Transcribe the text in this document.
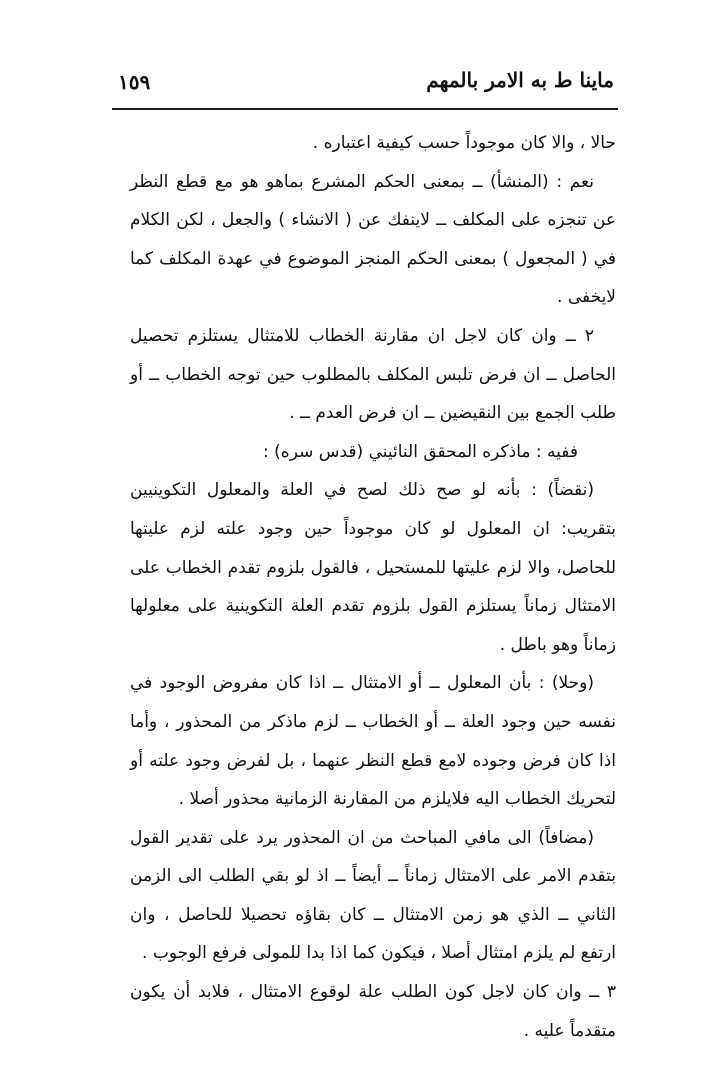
ماينا ط به الامر بالمهم
١٥٩

حالا ، والا كان موجوداً حسب كيفية اعتباره .

نعم : (المنشأ) ــ بمعنى الحكم المشرع بماهو هو مع قطع النظر عن تنجزه على المكلف ــ لاينفك عن ( الانشاء ) والجعل ، لكن الكلام في ( المجعول ) بمعنى الحكم المنجز الموضوع في عهدة المكلف كما لايخفى .

٢ ــ وان كان لاجل ان مقارنة الخطاب للامتثال يستلزم تحصيل الحاصل ــ ان فرض تلبس المكلف بالمطلوب حين توجه الخطاب ــ أو طلب الجمع بين النقيضين ــ ان فرض العدم ــ .

ففيه : ماذكره المحقق النائيني (قدس سره) :

(نقضاً) : بأنه لو صح ذلك لصح في العلة والمعلول التكوينيين بتقريب: ان المعلول لو كان موجوداً حين وجود علته لزم عليتها للحاصل، والا لزم عليتها للمستحيل ، فالقول بلزوم تقدم الخطاب على الامتثال زماناً يستلزم القول بلزوم تقدم العلة التكوينية على معلولها زماناً وهو باطل .

(وحلا) : بأن المعلول ــ أو الامتثال ــ اذا كان مفروض الوجود في نفسه حين وجود العلة ــ أو الخطاب ــ لزم ماذكر من المحذور ، وأما اذا كان فرض وجوده لامع قطع النظر عنهما ، بل لفرض وجود علته أو لتحريك الخطاب اليه فلايلزم من المقارنة الزمانية محذور أصلا .

(مضافاً) الى مافي المباحث من ان المحذور يرد على تقدير القول بتقدم الامر على الامتثال زماناً ــ أيضاً ــ اذ لو بقي الطلب الى الزمن الثاني ــ الذي هو زمن الامتثال ــ كان بقاؤه تحصيلا للحاصل ، وان ارتفع لم يلزم امتثال أصلا ، فيكون كما اذا بدا للمولى فرفع الوجوب .

٣ ــ وان كان لاجل كون الطلب علة لوقوع الامتثال ، فلابد أن يكون متقدماً عليه .
